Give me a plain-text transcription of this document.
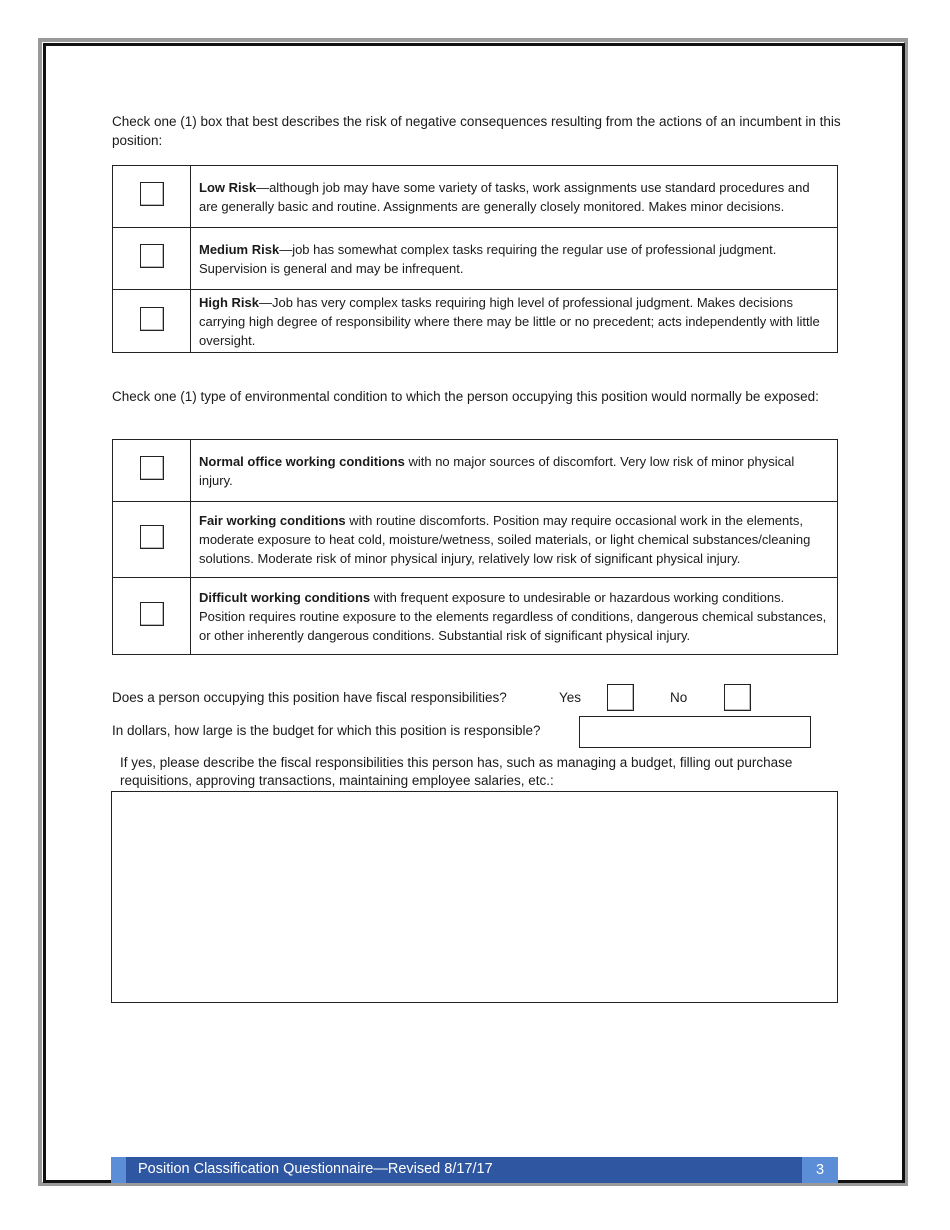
Check one (1) box that best describes the risk of negative consequences resulting from the actions of an incumbent in this position:
	Low Risk—although job may have some variety of tasks, work assignments use standard procedures and are generally basic and routine. Assignments are generally closely monitored. Makes minor decisions.
	Medium Risk—job has somewhat complex tasks requiring the regular use of professional judgment. Supervision is general and may be infrequent.
	High Risk—Job has very complex tasks requiring high level of professional judgment. Makes decisions carrying high degree of responsibility where there may be little or no precedent; acts independently with little oversight.
Check one (1) type of environmental condition to which the person occupying this position would normally be exposed:
	Normal office working conditions with no major sources of discomfort. Very low risk of minor physical injury.
	Fair working conditions with routine discomforts. Position may require occasional work in the elements, moderate exposure to heat cold, moisture/wetness, soiled materials, or light chemical substances/cleaning solutions. Moderate risk of minor physical injury, relatively low risk of significant physical injury.
	Difficult working conditions with frequent exposure to undesirable or hazardous working conditions. Position requires routine exposure to the elements regardless of conditions, dangerous chemical substances, or other inherently dangerous conditions. Substantial risk of significant physical injury.
Does a person occupying this position have fiscal responsibilities?	Yes	No
In dollars, how large is the budget for which this position is responsible?
If yes, please describe the fiscal responsibilities this person has, such as managing a budget, filling out purchase requisitions, approving transactions, maintaining employee salaries, etc.:
Position Classification Questionnaire—Revised 8/17/17	3
